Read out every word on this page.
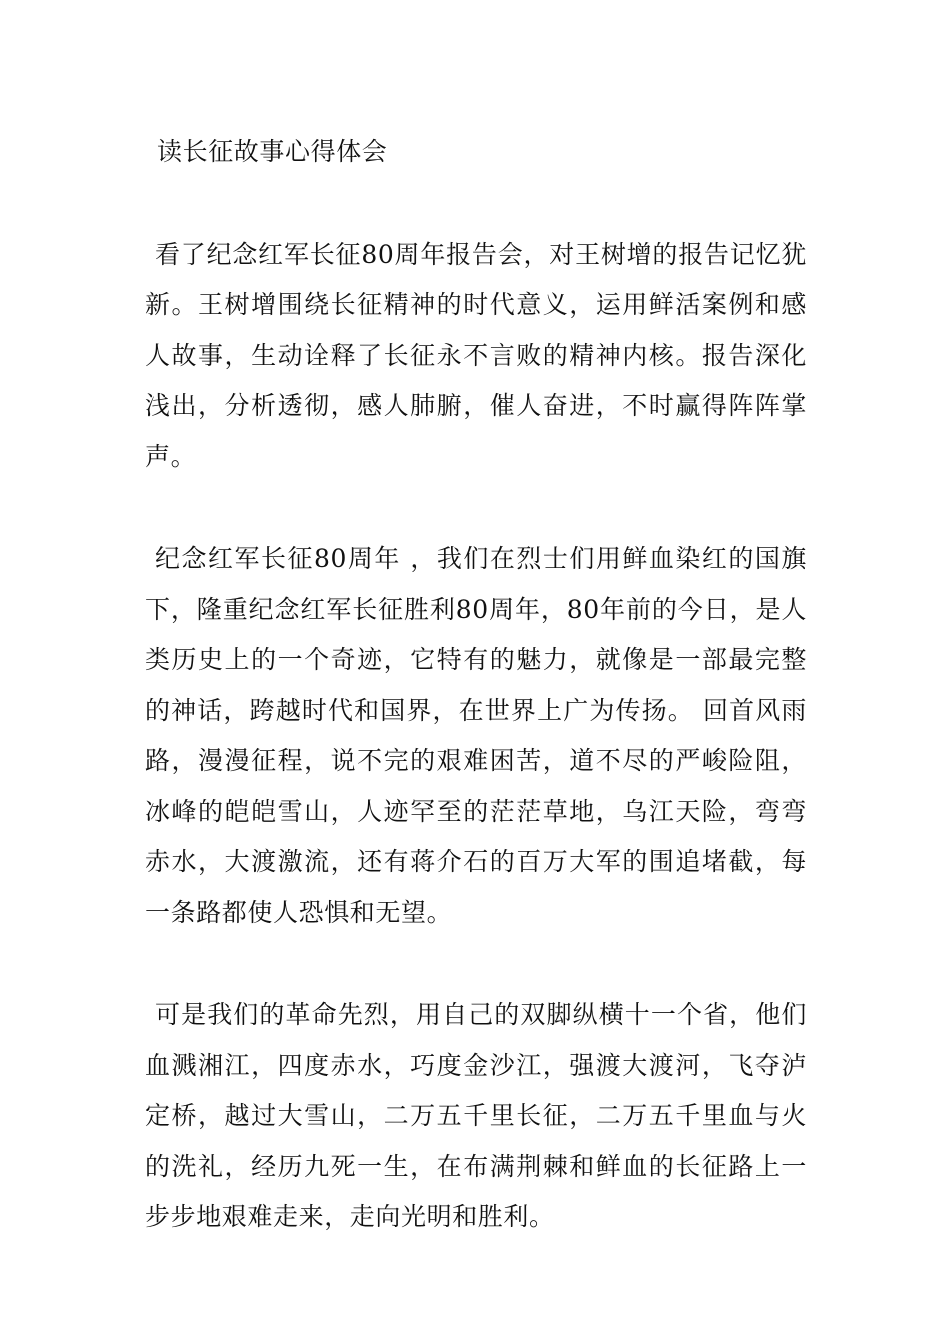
读长征故事心得体会

看了纪念红军长征80周年报告会，对王树增的报告记忆犹新。王树增围绕长征精神的时代意义，运用鲜活案例和感人故事，生动诠释了长征永不言败的精神内核。报告深化浅出，分析透彻，感人肺腑，催人奋进，不时赢得阵阵掌声。

纪念红军长征80周年 ，我们在烈士们用鲜血染红的国旗下，隆重纪念红军长征胜利80周年，80年前的今日，是人类历史上的一个奇迹，它特有的魅力，就像是一部最完整的神话，跨越时代和国界，在世界上广为传扬。 回首风雨路，漫漫征程，说不完的艰难困苦，道不尽的严峻险阻，冰峰的皑皑雪山，人迹罕至的茫茫草地，乌江天险，弯弯赤水，大渡激流，还有蒋介石的百万大军的围追堵截，每一条路都使人恐惧和无望。

可是我们的革命先烈，用自己的双脚纵横十一个省，他们血溅湘江，四度赤水，巧度金沙江，强渡大渡河，飞夺泸定桥，越过大雪山，二万五千里长征，二万五千里血与火的洗礼，经历九死一生，在布满荆棘和鲜血的长征路上一步步地艰难走来，走向光明和胜利。
